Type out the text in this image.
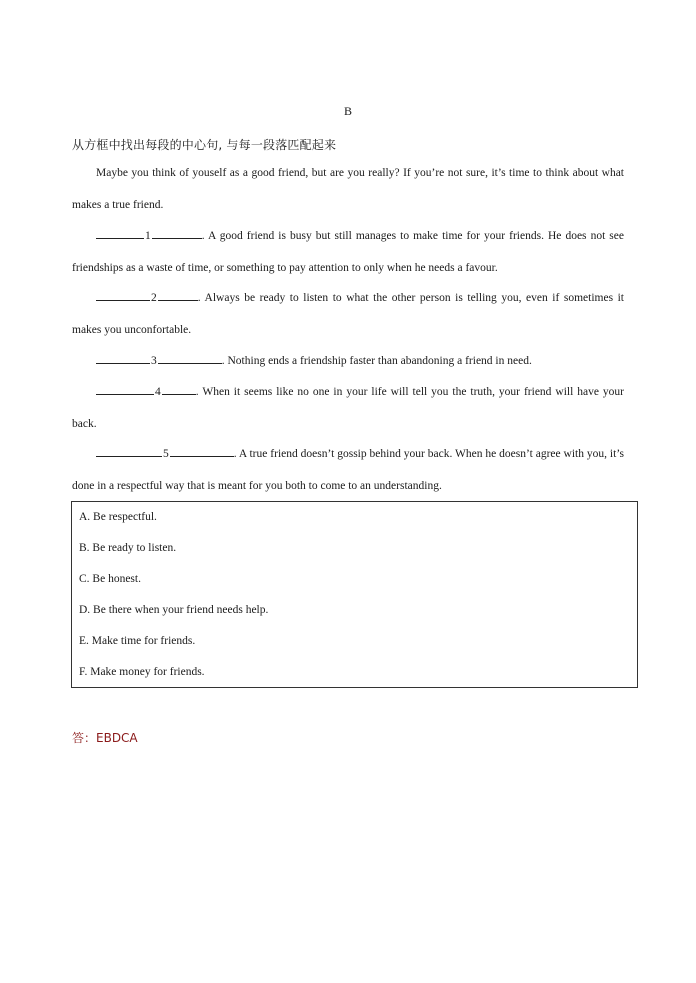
B
从方框中找出每段的中心句, 与每一段落匹配起来

Maybe you think of youself as a good friend, but are you really? If you’re not sure, it’s time to think about what makes a true friend.

1	. A good friend is busy but still manages to make time for your friends. He does not see friendships as a waste of time, or something to pay attention to only when he needs a favour.

2	. Always be ready to listen to what the other person is telling you, even if sometimes it makes you unconfortable.

3	. Nothing ends a friendship faster than abandoning a friend in need.

4	. When it seems like no one in your life will tell you the truth, your friend will have your back.

5	. A true friend doesn’t gossip behind your back. When he doesn’t agree with you, it’s done in a respectful way that is meant for you both to come to an understanding.

A. Be respectful.
B. Be ready to listen.
C. Be honest.
D. Be there when your friend needs help.
E. Make time for friends.
F. Make money for friends.
答：EBDCA
